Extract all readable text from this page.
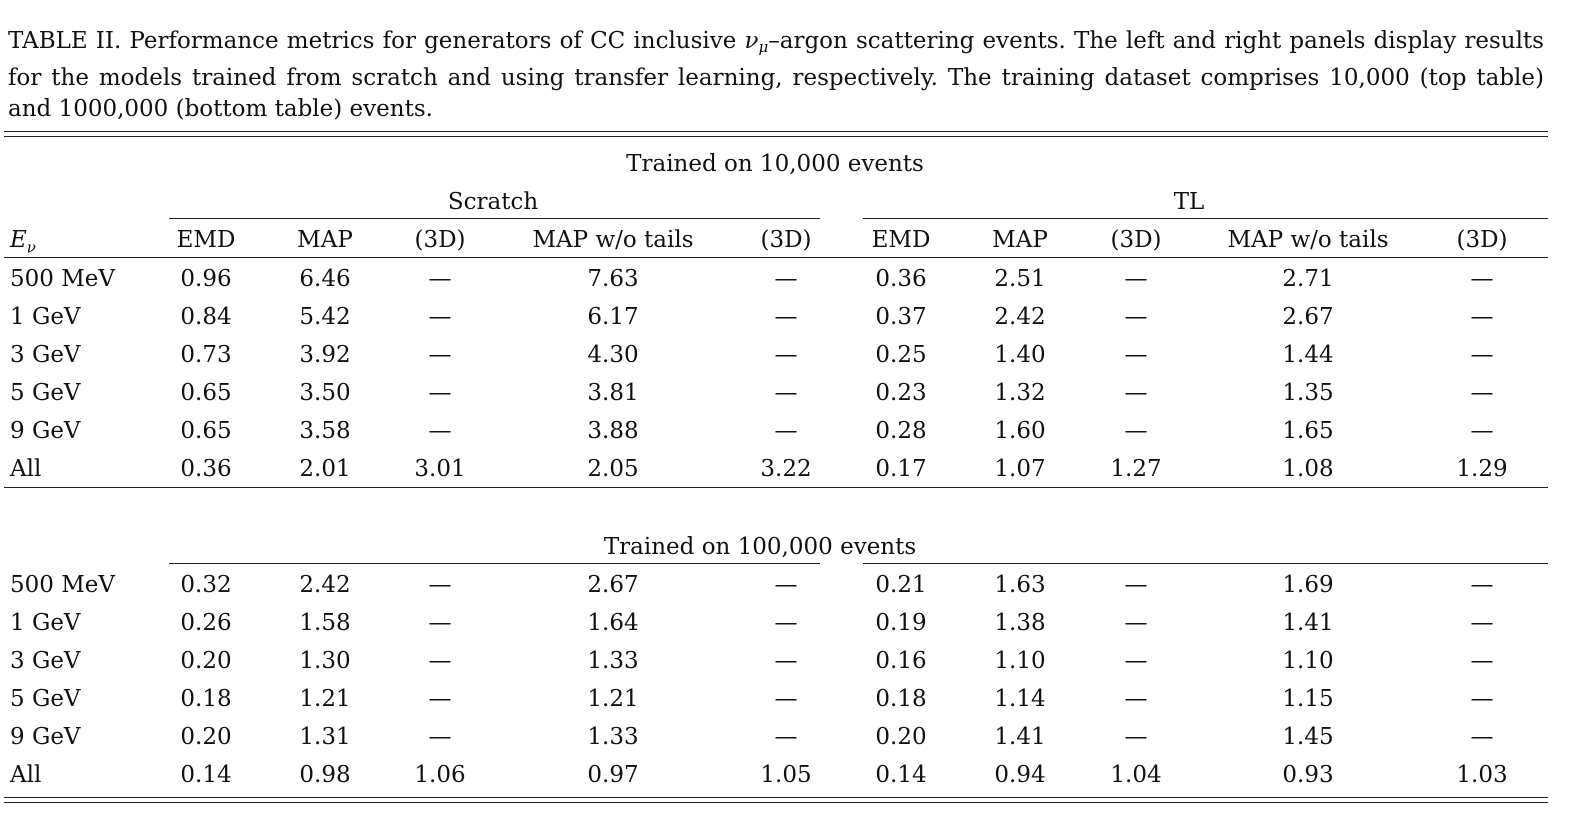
TABLE II. Performance metrics for generators of CC inclusive $\nu_\mu$–argon scattering events. The left and right panels display results for the models trained from scratch and using transfer learning, respectively. The training dataset comprises 10,000 (top table) and 1000,000 (bottom table) events.
Trained on 10,000 events
Scratch	TL
$E_\nu$	EMD	MAP	(3D)	MAP w/o tails	(3D)	EMD	MAP	(3D)	MAP w/o tails	(3D)
500 MeV	0.96	6.46	—	7.63	—	0.36	2.51	—	2.71	—
1 GeV	0.84	5.42	—	6.17	—	0.37	2.42	—	2.67	—
3 GeV	0.73	3.92	—	4.30	—	0.25	1.40	—	1.44	—
5 GeV	0.65	3.50	—	3.81	—	0.23	1.32	—	1.35	—
9 GeV	0.65	3.58	—	3.88	—	0.28	1.60	—	1.65	—
All	0.36	2.01	3.01	2.05	3.22	0.17	1.07	1.27	1.08	1.29
Trained on 100,000 events
500 MeV	0.32	2.42	—	2.67	—	0.21	1.63	—	1.69	—
1 GeV	0.26	1.58	—	1.64	—	0.19	1.38	—	1.41	—
3 GeV	0.20	1.30	—	1.33	—	0.16	1.10	—	1.10	—
5 GeV	0.18	1.21	—	1.21	—	0.18	1.14	—	1.15	—
9 GeV	0.20	1.31	—	1.33	—	0.20	1.41	—	1.45	—
All	0.14	0.98	1.06	0.97	1.05	0.14	0.94	1.04	0.93	1.03
